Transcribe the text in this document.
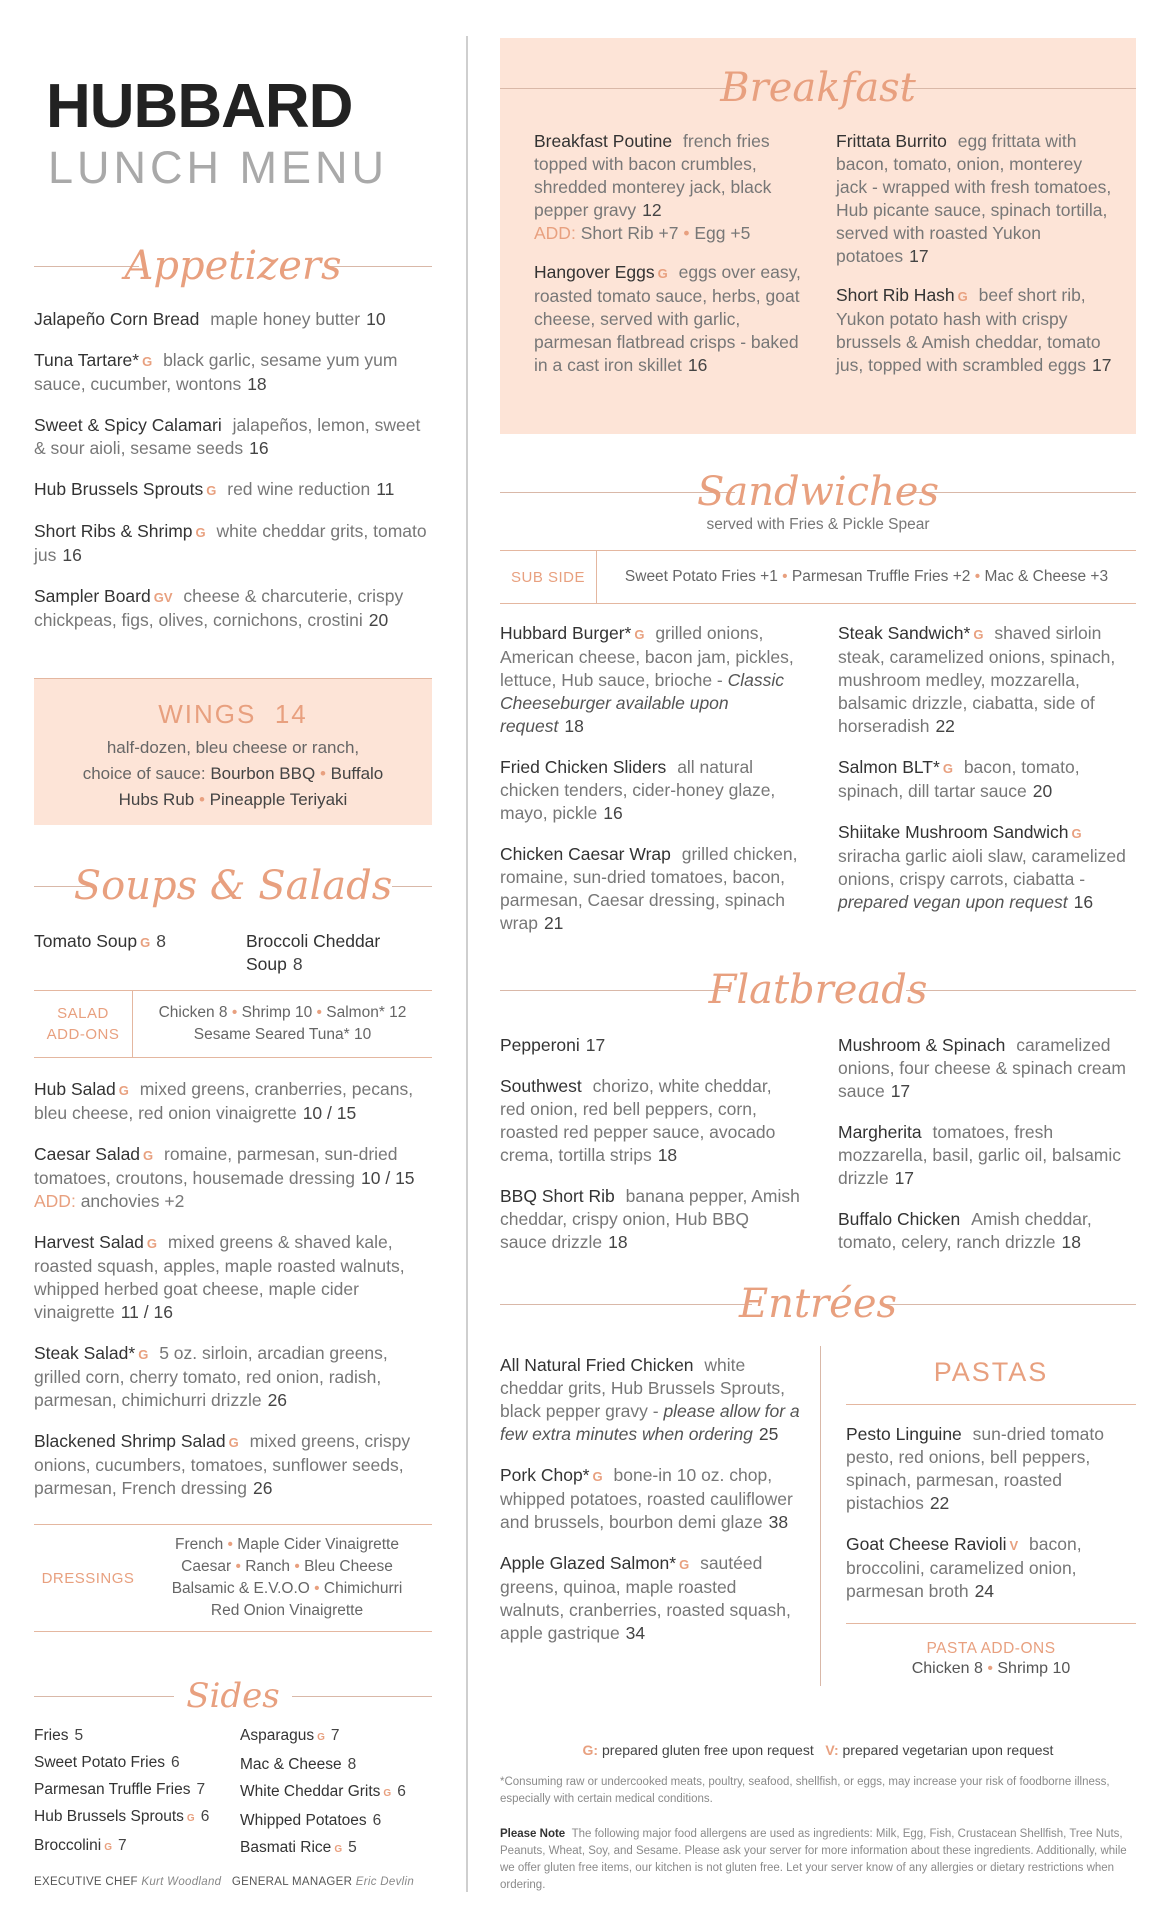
HUBBARD
LUNCH MENU
Appetizers
Jalapeño Corn Bread maple honey butter 10
Tuna Tartare* G black garlic, sesame yum yum sauce, cucumber, wontons 18
Sweet & Spicy Calamari jalapeños, lemon, sweet & sour aioli, sesame seeds 16
Hub Brussels Sprouts G red wine reduction 11
Short Ribs & Shrimp G white cheddar grits, tomato jus 16
Sampler Board GV cheese & charcuterie, crispy chickpeas, figs, olives, cornichons, crostini 20
WINGS 14
half-dozen, bleu cheese or ranch,
choice of sauce: Bourbon BBQ • Buffalo
Hubs Rub • Pineapple Teriyaki
Soups & Salads
Tomato Soup G 8	Broccoli Cheddar Soup 8
SALAD
ADD-ONS
Chicken 8 • Shrimp 10 • Salmon* 12
Sesame Seared Tuna* 10
Hub Salad G mixed greens, cranberries, pecans, bleu cheese, red onion vinaigrette 10 / 15
Caesar Salad G romaine, parmesan, sun-dried tomatoes, croutons, housemade dressing 10 / 15
ADD: anchovies +2
Harvest Salad G mixed greens & shaved kale, roasted squash, apples, maple roasted walnuts, whipped herbed goat cheese, maple cider vinaigrette 11 / 16
Steak Salad* G 5 oz. sirloin, arcadian greens, grilled corn, cherry tomato, red onion, radish, parmesan, chimichurri drizzle 26
Blackened Shrimp Salad G mixed greens, crispy onions, cucumbers, tomatoes, sunflower seeds, parmesan, French dressing 26
DRESSINGS
French • Maple Cider Vinaigrette
Caesar • Ranch • Bleu Cheese
Balsamic & E.V.O.O • Chimichurri
Red Onion Vinaigrette
Sides
Fries 5
Sweet Potato Fries 6
Parmesan Truffle Fries 7
Hub Brussels Sprouts G 6
Broccolini G 7
Asparagus G 7
Mac & Cheese 8
White Cheddar Grits G 6
Whipped Potatoes 6
Basmati Rice G 5
EXECUTIVE CHEF Kurt Woodland GENERAL MANAGER Eric Devlin
Breakfast
Breakfast Poutine french fries topped with bacon crumbles, shredded monterey jack, black pepper gravy 12
ADD: Short Rib +7 • Egg +5
Hangover Eggs G eggs over easy, roasted tomato sauce, herbs, goat cheese, served with garlic, parmesan flatbread crisps - baked in a cast iron skillet 16
Frittata Burrito egg frittata with bacon, tomato, onion, monterey jack - wrapped with fresh tomatoes, Hub picante sauce, spinach tortilla, served with roasted Yukon potatoes 17
Short Rib Hash G beef short rib, Yukon potato hash with crispy brussels & Amish cheddar, tomato jus, topped with scrambled eggs 17
Sandwiches
served with Fries & Pickle Spear
SUB SIDE	Sweet Potato Fries +1
•
Parmesan Truffle Fries +2
•
Mac & Cheese +3
Hubbard Burger* G grilled onions, American cheese, bacon jam, pickles, lettuce, Hub sauce, brioche - Classic Cheeseburger available upon request 18
Fried Chicken Sliders all natural chicken tenders, cider-honey glaze, mayo, pickle 16
Chicken Caesar Wrap grilled chicken, romaine, sun-dried tomatoes, bacon, parmesan, Caesar dressing, spinach wrap 21
Steak Sandwich* G shaved sirloin steak, caramelized onions, spinach, mushroom medley, mozzarella, balsamic drizzle, ciabatta, side of horseradish 22
Salmon BLT* G bacon, tomato, spinach, dill tartar sauce 20
Shiitake Mushroom Sandwich G
sriracha garlic aioli slaw, caramelized onions, crispy carrots, ciabatta - prepared vegan upon request 16
Flatbreads
Pepperoni 17
Southwest chorizo, white cheddar, red onion, red bell peppers, corn, roasted red pepper sauce, avocado crema, tortilla strips 18
BBQ Short Rib banana pepper, Amish cheddar, crispy onion, Hub BBQ sauce drizzle 18
Mushroom & Spinach caramelized onions, four cheese & spinach cream sauce 17
Margherita tomatoes, fresh mozzarella, basil, garlic oil, balsamic drizzle 17
Buffalo Chicken Amish cheddar, tomato, celery, ranch drizzle 18
Entrées
All Natural Fried Chicken white cheddar grits, Hub Brussels Sprouts, black pepper gravy - please allow for a few extra minutes when ordering 25
Pork Chop* G bone-in 10 oz. chop, whipped potatoes, roasted cauliflower and brussels, bourbon demi glaze 38
Apple Glazed Salmon* G sautéed greens, quinoa, maple roasted walnuts, cranberries, roasted squash, apple gastrique 34
PASTAS
Pesto Linguine sun-dried tomato pesto, red onions, bell peppers, spinach, parmesan, roasted pistachios 22
Goat Cheese Ravioli V bacon, broccolini, caramelized onion, parmesan broth 24
PASTA ADD-ONS
Chicken 8 • Shrimp 10
G: prepared gluten free upon request V: prepared vegetarian upon request
*Consuming raw or undercooked meats, poultry, seafood, shellfish, or eggs, may increase your risk of foodborne illness, especially with certain medical conditions.
Please Note The following major food allergens are used as ingredients: Milk, Egg, Fish, Crustacean Shellfish, Tree Nuts, Peanuts, Wheat, Soy, and Sesame. Please ask your server for more information about these ingredients. Additionally, while we offer gluten free items, our kitchen is not gluten free. Let your server know of any allergies or dietary restrictions when ordering.
